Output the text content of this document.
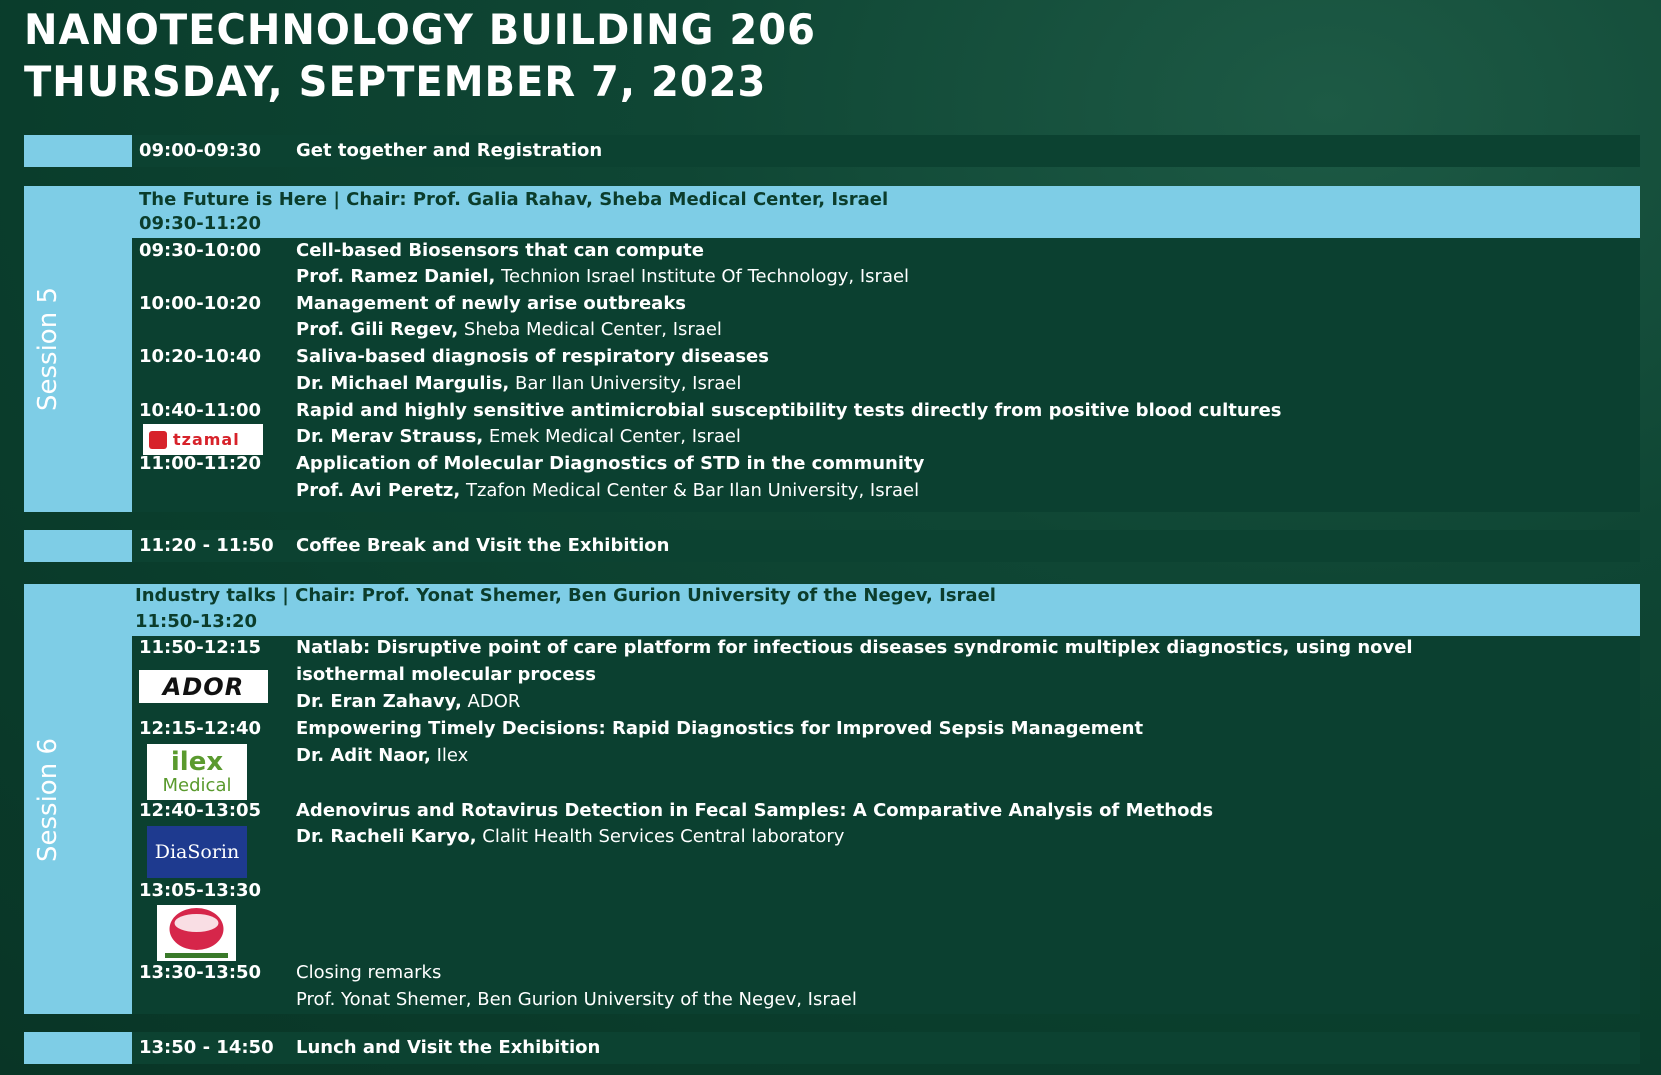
NANOTECHNOLOGY BUILDING 206
THURSDAY, SEPTEMBER 7, 2023
09:00-09:30 Get together and Registration
Session 5
The Future is Here | Chair: Prof. Galia Rahav, Sheba Medical Center, Israel
09:30-11:20
09:30-10:00 Cell-based Biosensors that can compute
Prof. Ramez Daniel, Technion Israel Institute Of Technology, Israel
10:00-10:20 Management of newly arise outbreaks
Prof. Gili Regev, Sheba Medical Center, Israel
10:20-10:40 Saliva-based diagnosis of respiratory diseases
Dr. Michael Margulis, Bar Ilan University, Israel
10:40-11:00 Rapid and highly sensitive antimicrobial susceptibility tests directly from positive blood cultures
tzamal	Dr. Merav Strauss, Emek Medical Center, Israel
11:00-11:20 Application of Molecular Diagnostics of STD in the community
Prof. Avi Peretz, Tzafon Medical Center & Bar Ilan University, Israel
11:20 - 11:50 Coffee Break and Visit the Exhibition
Session 6
Industry talks | Chair: Prof. Yonat Shemer, Ben Gurion University of the Negev, Israel
11:50-13:20
11:50-12:15 Natlab: Disruptive point of care platform for infectious diseases syndromic multiplex diagnostics, using novel
isothermal molecular process
ADOR
Dr. Eran Zahavy, ADOR
12:15-12:40 Empowering Timely Decisions: Rapid Diagnostics for Improved Sepsis Management
Dr. Adit Naor, Ilex
ilex
Medical
12:40-13:05 Adenovirus and Rotavirus Detection in Fecal Samples: A Comparative Analysis of Methods
Dr. Racheli Karyo, Clalit Health Services Central laboratory
DiaSorin
13:05-13:30
13:30-13:50 Closing remarks
Prof. Yonat Shemer, Ben Gurion University of the Negev, Israel
13:50 - 14:50 Lunch and Visit the Exhibition
